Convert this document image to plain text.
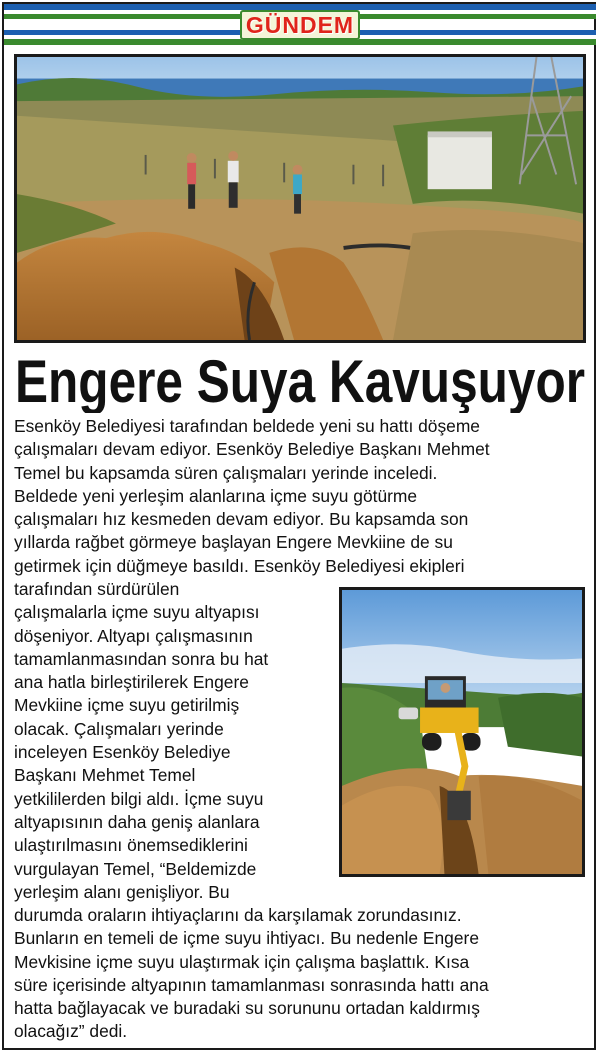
GÜNDEM
Engere Suya Kavuşuyor
Esenköy Belediyesi tarafından beldede yeni su hattı döşeme
çalışmaları devam ediyor. Esenköy Belediye Başkanı Mehmet
Temel bu kapsamda süren çalışmaları yerinde inceledi.
Beldede yeni yerleşim alanlarına içme suyu götürme
çalışmaları hız kesmeden devam ediyor. Bu kapsamda son
yıllarda rağbet görmeye başlayan Engere Mevkiine de su
getirmek için düğmeye basıldı. Esenköy Belediyesi ekipleri
tarafından sürdürülen
çalışmalarla içme suyu altyapısı
döşeniyor. Altyapı çalışmasının
tamamlanmasından sonra bu hat
ana hatla birleştirilerek Engere
Mevkiine içme suyu getirilmiş
olacak. Çalışmaları yerinde
inceleyen Esenköy Belediye
Başkanı Mehmet Temel
yetkililerden bilgi aldı. İçme suyu
altyapısının daha geniş alanlara
ulaştırılmasını önemsediklerini
vurgulayan Temel, “Beldemizde
yerleşim alanı genişliyor. Bu
durumda oraların ihtiyaçlarını da karşılamak zorundasınız.
Bunların en temeli de içme suyu ihtiyacı. Bu nedenle Engere
Mevkisine içme suyu ulaştırmak için çalışma başlattık. Kısa
süre içerisinde altyapının tamamlanması sonrasında hattı ana
hatta bağlayacak ve buradaki su sorununu ortadan kaldırmış
olacağız” dedi.
